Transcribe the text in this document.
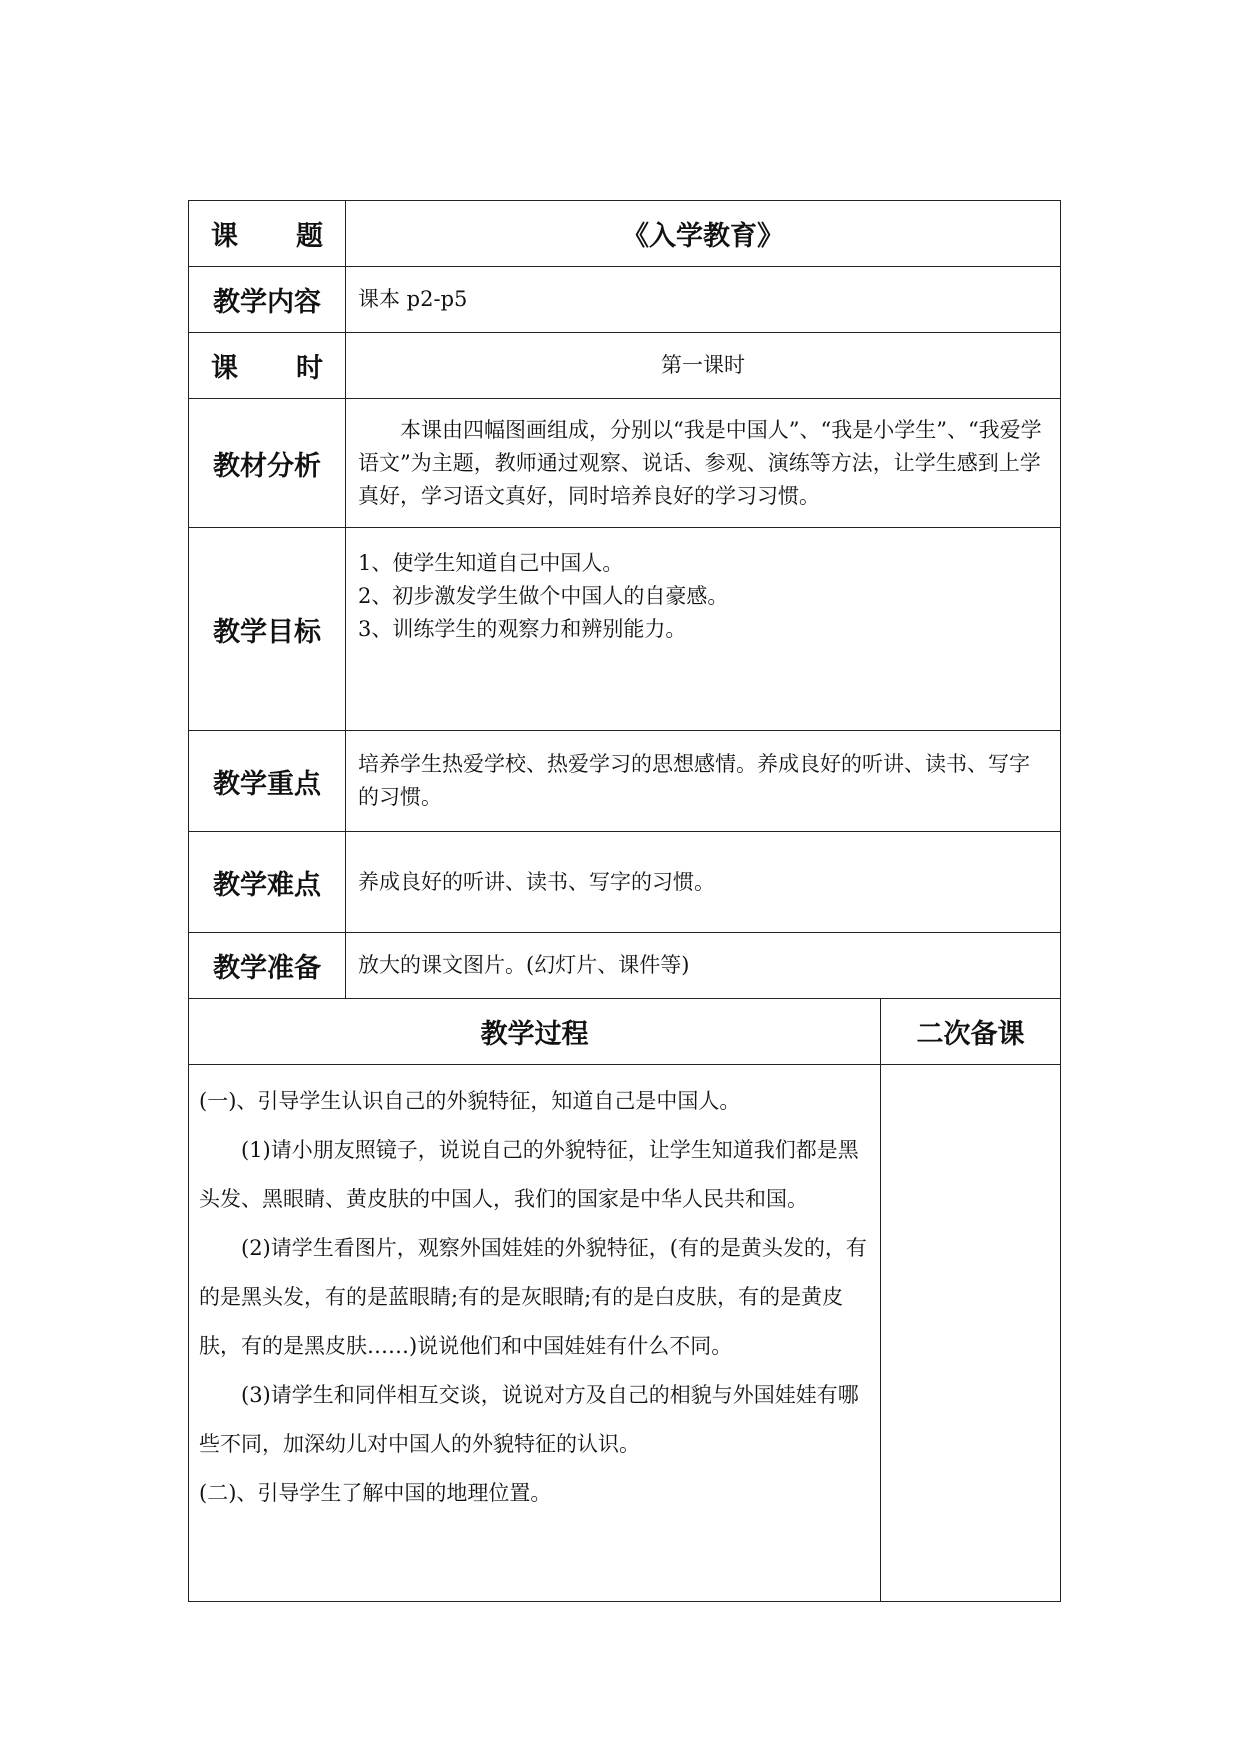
课 题	《入学教育》	
教学内容	课本 p2-p5	
课 时	第一课时	
教材分析	本课由四幅图画组成，分别以“我是中国人”、“我是小学生”、“我爱学语文”为主题，教师通过观察、说话、参观、演练等方法，让学生感到上学真好，学习语文真好，同时培养良好的学习习惯。	
教学目标	1、使学生知道自己中国人。
2、初步激发学生做个中国人的自豪感。
3、训练学生的观察力和辨别能力。	

教学重点	培养学生热爱学校、热爱学习的思想感情。养成良好的听讲、读书、写字的习惯。	
教学难点	养成良好的听讲、读书、写字的习惯。	
教学准备	放大的课文图片。(幻灯片、课件等)	
教学过程		二次备课

(一)、引导学生认识自己的外貌特征，知道自己是中国人。

(1)请小朋友照镜子，说说自己的外貌特征，让学生知道我们都是黑头发、黑眼睛、黄皮肤的中国人，我们的国家是中华人民共和国。

(2)请学生看图片，观察外国娃娃的外貌特征，(有的是黄头发的，有的是黑头发，有的是蓝眼睛;有的是灰眼睛;有的是白皮肤，有的是黄皮肤，有的是黑皮肤……)说说他们和中国娃娃有什么不同。

(3)请学生和同伴相互交谈，说说对方及自己的相貌与外国娃娃有哪些不同，加深幼儿对中国人的外貌特征的认识。

(二)、引导学生了解中国的地理位置。		
